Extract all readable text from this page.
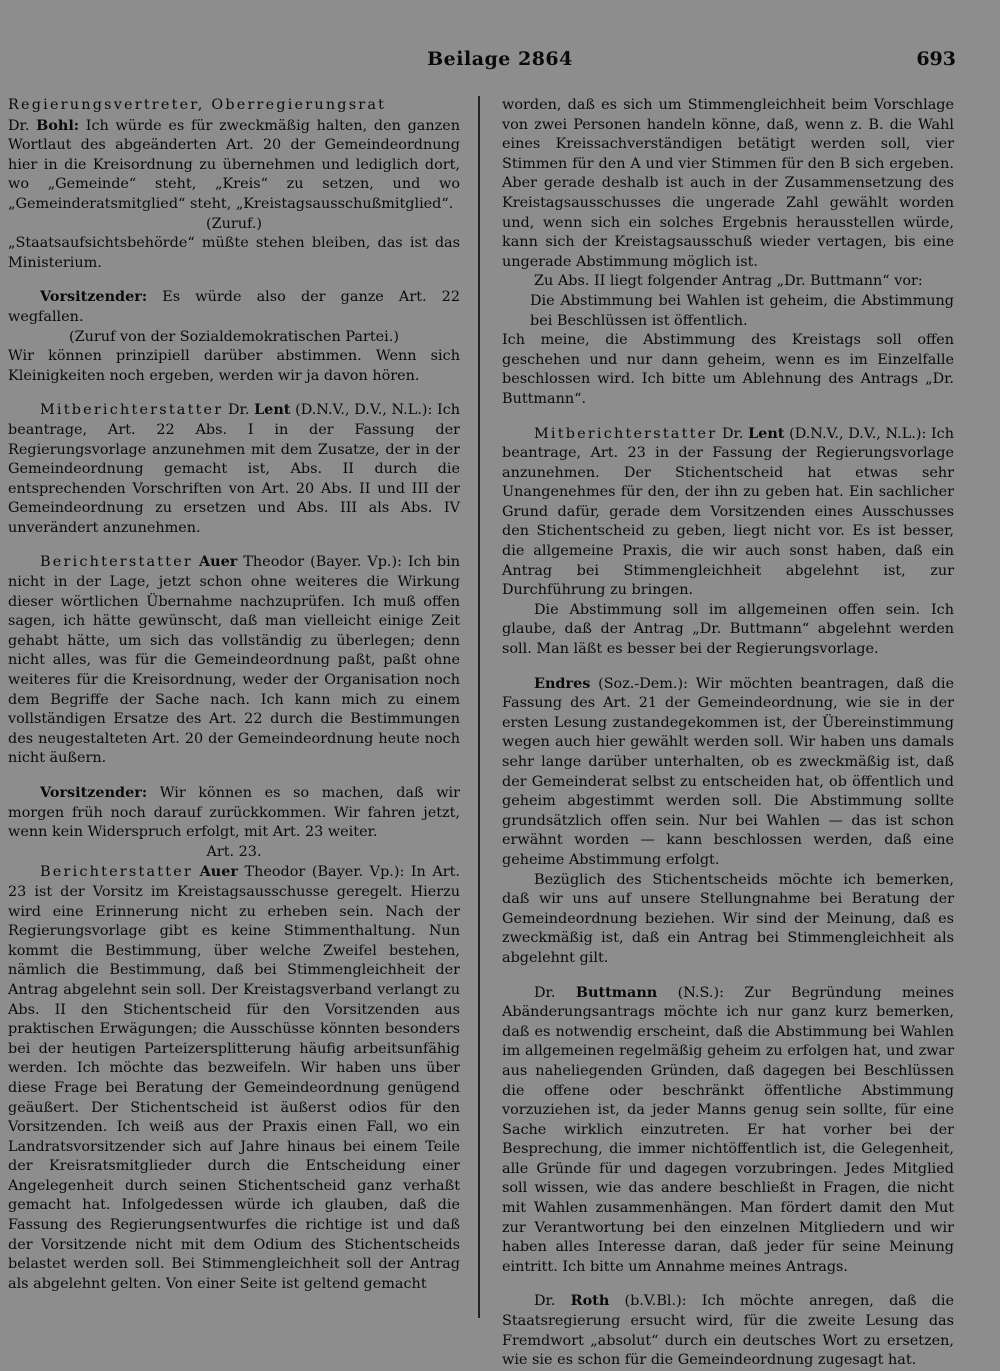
Beilage 2864	693

Regierungsvertreter, Oberregierungsrat
Dr. Bohl: Ich würde es für zweckmäßig halten, den ganzen Wortlaut des abgeänderten Art. 20 der Gemeindeordnung hier in die Kreisordnung zu übernehmen und lediglich dort, wo „Gemeinde“ steht, „Kreis“ zu setzen, und wo „Gemeinderatsmitglied“ steht, „Kreistagsausschußmitglied“.

(Zuruf.)

„Staatsaufsichtsbehörde“ müßte stehen bleiben, das ist das Ministerium.

Vorsitzender: Es würde also der ganze Art. 22 wegfallen.

(Zuruf von der Sozialdemokratischen Partei.)

Wir können prinzipiell darüber abstimmen. Wenn sich Kleinigkeiten noch ergeben, werden wir ja davon hören.

Mitberichterstatter Dr. Lent (D.N.V., D.V., N.L.): Ich beantrage, Art. 22 Abs. I in der Fassung der Regierungsvorlage anzunehmen mit dem Zusatze, der in der Gemeindeordnung gemacht ist, Abs. II durch die entsprechenden Vorschriften von Art. 20 Abs. II und III der Gemeindeordnung zu ersetzen und Abs. III als Abs. IV unverändert anzunehmen.

Berichterstatter Auer Theodor (Bayer. Vp.): Ich bin nicht in der Lage, jetzt schon ohne weiteres die Wirkung dieser wörtlichen Übernahme nachzuprüfen. Ich muß offen sagen, ich hätte gewünscht, daß man vielleicht einige Zeit gehabt hätte, um sich das vollständig zu überlegen; denn nicht alles, was für die Gemeindeordnung paßt, paßt ohne weiteres für die Kreisordnung, weder der Organisation noch dem Begriffe der Sache nach. Ich kann mich zu einem vollständigen Ersatze des Art. 22 durch die Bestimmungen des neugestalteten Art. 20 der Gemeindeordnung heute noch nicht äußern.

Vorsitzender: Wir können es so machen, daß wir morgen früh noch darauf zurückkommen. Wir fahren jetzt, wenn kein Widerspruch erfolgt, mit Art. 23 weiter.

Art. 23.

Berichterstatter Auer Theodor (Bayer. Vp.): In Art. 23 ist der Vorsitz im Kreistagsausschusse geregelt. Hierzu wird eine Erinnerung nicht zu erheben sein. Nach der Regierungsvorlage gibt es keine Stimmenthaltung. Nun kommt die Bestimmung, über welche Zweifel bestehen, nämlich die Bestimmung, daß bei Stimmengleichheit der Antrag abgelehnt sein soll. Der Kreistagsverband verlangt zu Abs. II den Stichentscheid für den Vorsitzenden aus praktischen Erwägungen; die Ausschüsse könnten besonders bei der heutigen Parteizersplitterung häufig arbeitsunfähig werden. Ich möchte das bezweifeln. Wir haben uns über diese Frage bei Beratung der Gemeindeordnung genügend geäußert. Der Stichentscheid ist äußerst odios für den Vorsitzenden. Ich weiß aus der Praxis einen Fall, wo ein Landratsvorsitzender sich auf Jahre hinaus bei einem Teile der Kreisratsmitglieder durch die Entscheidung einer Angelegenheit durch seinen Stichentscheid ganz verhaßt gemacht hat. Infolgedessen würde ich glauben, daß die Fassung des Regierungsentwurfes die richtige ist und daß der Vorsitzende nicht mit dem Odium des Stichentscheids belastet werden soll. Bei Stimmengleichheit soll der Antrag als abgelehnt gelten. Von einer Seite ist geltend gemacht

worden, daß es sich um Stimmengleichheit beim Vorschlage von zwei Personen handeln könne, daß, wenn z. B. die Wahl eines Kreissachverständigen betätigt werden soll, vier Stimmen für den A und vier Stimmen für den B sich ergeben. Aber gerade deshalb ist auch in der Zusammensetzung des Kreistagsausschusses die ungerade Zahl gewählt worden und, wenn sich ein solches Ergebnis herausstellen würde, kann sich der Kreistagsausschuß wieder vertagen, bis eine ungerade Abstimmung möglich ist.

Zu Abs. II liegt folgender Antrag „Dr. Buttmann“ vor:

Die Abstimmung bei Wahlen ist geheim, die Abstimmung bei Beschlüssen ist öffentlich.

Ich meine, die Abstimmung des Kreistags soll offen geschehen und nur dann geheim, wenn es im Einzelfalle beschlossen wird. Ich bitte um Ablehnung des Antrags „Dr. Buttmann“.

Mitberichterstatter Dr. Lent (D.N.V., D.V., N.L.): Ich beantrage, Art. 23 in der Fassung der Regierungsvorlage anzunehmen. Der Stichentscheid hat etwas sehr Unangenehmes für den, der ihn zu geben hat. Ein sachlicher Grund dafür, gerade dem Vorsitzenden eines Ausschusses den Stichentscheid zu geben, liegt nicht vor. Es ist besser, die allgemeine Praxis, die wir auch sonst haben, daß ein Antrag bei Stimmengleichheit abgelehnt ist, zur Durchführung zu bringen.

Die Abstimmung soll im allgemeinen offen sein. Ich glaube, daß der Antrag „Dr. Buttmann“ abgelehnt werden soll. Man läßt es besser bei der Regierungsvorlage.

Endres (Soz.-Dem.): Wir möchten beantragen, daß die Fassung des Art. 21 der Gemeindeordnung, wie sie in der ersten Lesung zustandegekommen ist, der Übereinstimmung wegen auch hier gewählt werden soll. Wir haben uns damals sehr lange darüber unterhalten, ob es zweckmäßig ist, daß der Gemeinderat selbst zu entscheiden hat, ob öffentlich und geheim abgestimmt werden soll. Die Abstimmung sollte grundsätzlich offen sein. Nur bei Wahlen — das ist schon erwähnt worden — kann beschlossen werden, daß eine geheime Abstimmung erfolgt.

Bezüglich des Stichentscheids möchte ich bemerken, daß wir uns auf unsere Stellungnahme bei Beratung der Gemeindeordnung beziehen. Wir sind der Meinung, daß es zweckmäßig ist, daß ein Antrag bei Stimmengleichheit als abgelehnt gilt.

Dr. Buttmann (N.S.): Zur Begründung meines Abänderungsantrags möchte ich nur ganz kurz bemerken, daß es notwendig erscheint, daß die Abstimmung bei Wahlen im allgemeinen regelmäßig geheim zu erfolgen hat, und zwar aus naheliegenden Gründen, daß dagegen bei Beschlüssen die offene oder beschränkt öffentliche Abstimmung vorzuziehen ist, da jeder Manns genug sein sollte, für eine Sache wirklich einzutreten. Er hat vorher bei der Besprechung, die immer nichtöffentlich ist, die Gelegenheit, alle Gründe für und dagegen vorzubringen. Jedes Mitglied soll wissen, wie das andere beschließt in Fragen, die nicht mit Wahlen zusammenhängen. Man fördert damit den Mut zur Verantwortung bei den einzelnen Mitgliedern und wir haben alles Interesse daran, daß jeder für seine Meinung eintritt. Ich bitte um Annahme meines Antrags.

Dr. Roth (b.V.Bl.): Ich möchte anregen, daß die Staatsregierung ersucht wird, für die zweite Lesung das Fremdwort „absolut“ durch ein deutsches Wort zu ersetzen, wie sie es schon für die Gemeindeordnung zugesagt hat.
